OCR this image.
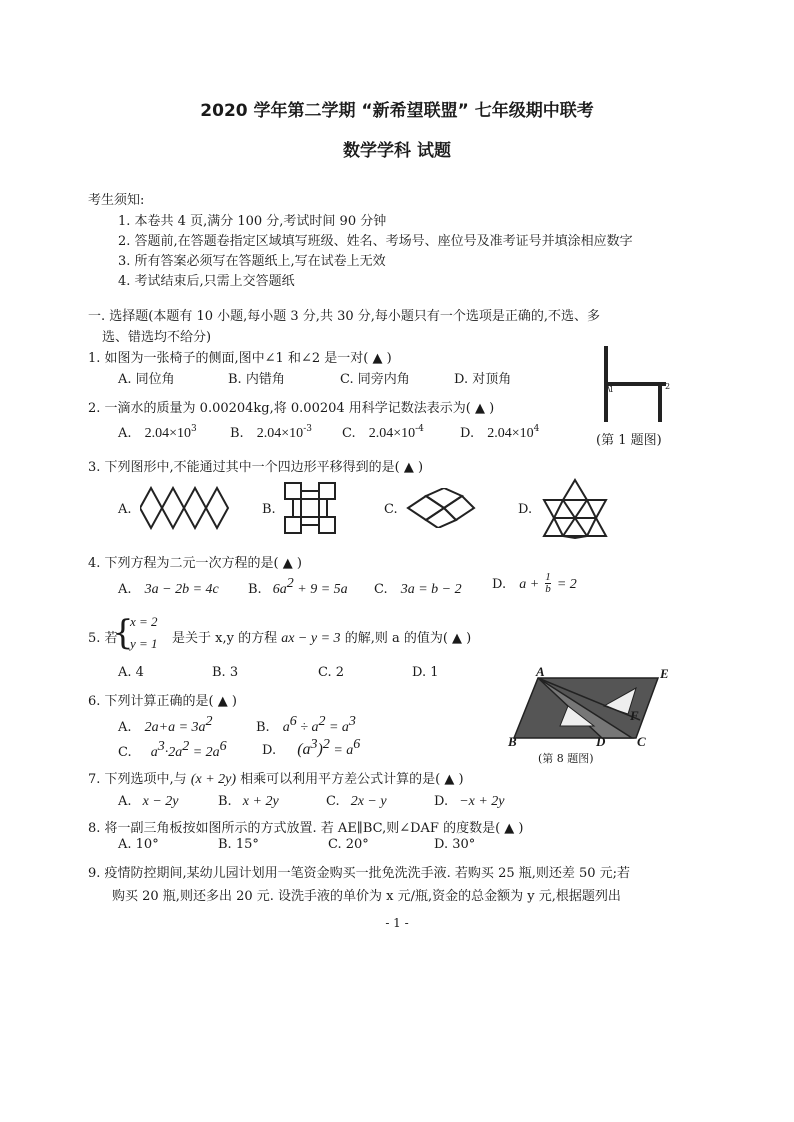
2020 学年第二学期 “新希望联盟” 七年级期中联考
数学学科 试题
考生须知:
1. 本卷共 4 页,满分 100 分,考试时间 90 分钟
2. 答题前,在答题卷指定区域填写班级、姓名、考场号、座位号及准考证号并填涂相应数字
3. 所有答案必须写在答题纸上,写在试卷上无效
4. 考试结束后,只需上交答题纸
一. 选择题(本题有 10 小题,每小题 3 分,共 30 分,每小题只有一个选项是正确的,不选、多
选、错选均不给分)
1. 如图为一张椅子的侧面,图中∠1 和∠2 是一对( ▲ )
A. 同位角	B. 内错角	C. 同旁内角	D. 对顶角
1	2
(第 1 题图)
2. 一滴水的质量为 0.00204kg,将 0.00204 用科学记数法表示为( ▲ )
A. $2.04\times 10^3$	B. $2.04\times 10^{-3}$ C. $2.04\times 10^{-4}$	D. $2.04\times 10^4$
3. 下列图形中,不能通过其中一个四边形平移得到的是( ▲ )
A.	B.	C.	D.
4. 下列方程为二元一次方程的是( ▲ )
A. 3a − 2b = 4c B. $6a^2 + 9 = 5a$ C. 3a = b − 2 D. $a + \frac{1}{b} = 2$
5. 若
{
x = 2
y = 1 是关于 x,y 的方程 ax − y = 3 的解,则 a 的值为( ▲ )
A. 4	B. 3	C. 2	D. 1	A	E
F
B	D C
(第 8 题图)
6. 下列计算正确的是( ▲ )
A. $2a+a = 3a^2$	B. $a^6 \div a^2 = a^3$
C. $a^3\cdot 2a^2 = 2a^6$	D. $(a^3)^2 = a^6$
7. 下列选项中,与 (x + 2y) 相乘可以利用平方差公式计算的是( ▲ )
A. x − 2y	B. x + 2y	C. 2x − y	D. −x + 2y
8. 将一副三角板按如图所示的方式放置. 若 AE∥BC,则∠DAF 的度数是( ▲ )
A. 10°	B. 15°	C. 20°	D. 30°
9. 疫情防控期间,某幼儿园计划用一笔资金购买一批免洗洗手液. 若购买 25 瓶,则还差 50 元;若
购买 20 瓶,则还多出 20 元. 设洗手液的单价为 x 元/瓶,资金的总金额为 y 元,根据题列出
- 1 -
